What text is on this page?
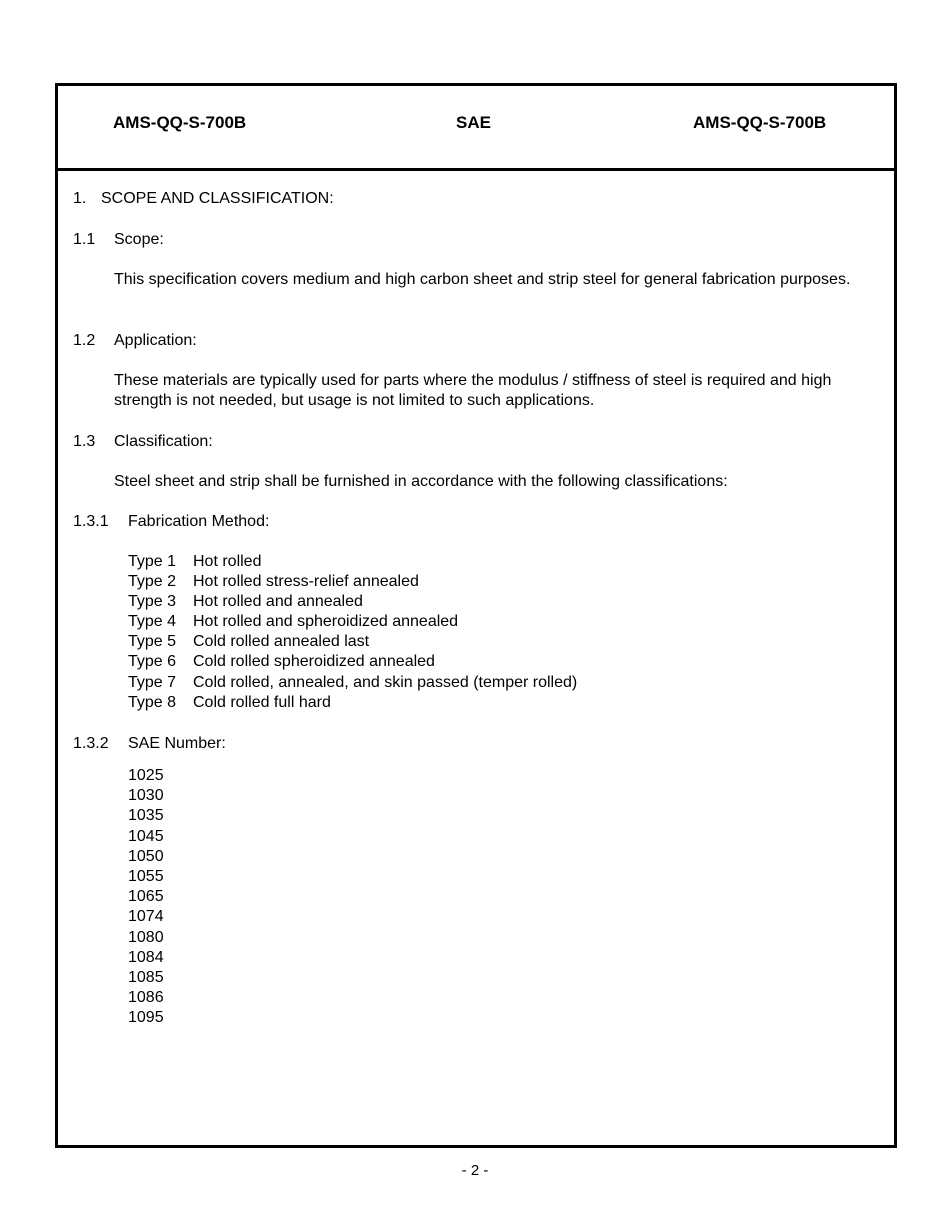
AMS-QQ-S-700B	SAE	AMS-QQ-S-700B
1. SCOPE AND CLASSIFICATION:
1.1 Scope:
This specification covers medium and high carbon sheet and strip steel for general fabrication purposes.
1.2 Application:
These materials are typically used for parts where the modulus / stiffness of steel is required and high strength is not needed, but usage is not limited to such applications.
1.3 Classification:
Steel sheet and strip shall be furnished in accordance with the following classifications:
1.3.1 Fabrication Method:
Type 1 Hot rolled
Type 2 Hot rolled stress-relief annealed
Type 3 Hot rolled and annealed
Type 4 Hot rolled and spheroidized annealed
Type 5 Cold rolled annealed last
Type 6 Cold rolled spheroidized annealed
Type 7 Cold rolled, annealed, and skin passed (temper rolled)
Type 8 Cold rolled full hard
1.3.2 SAE Number:
1025
1030
1035
1045
1050
1055
1065
1074
1080
1084
1085
1086
1095
- 2 -
